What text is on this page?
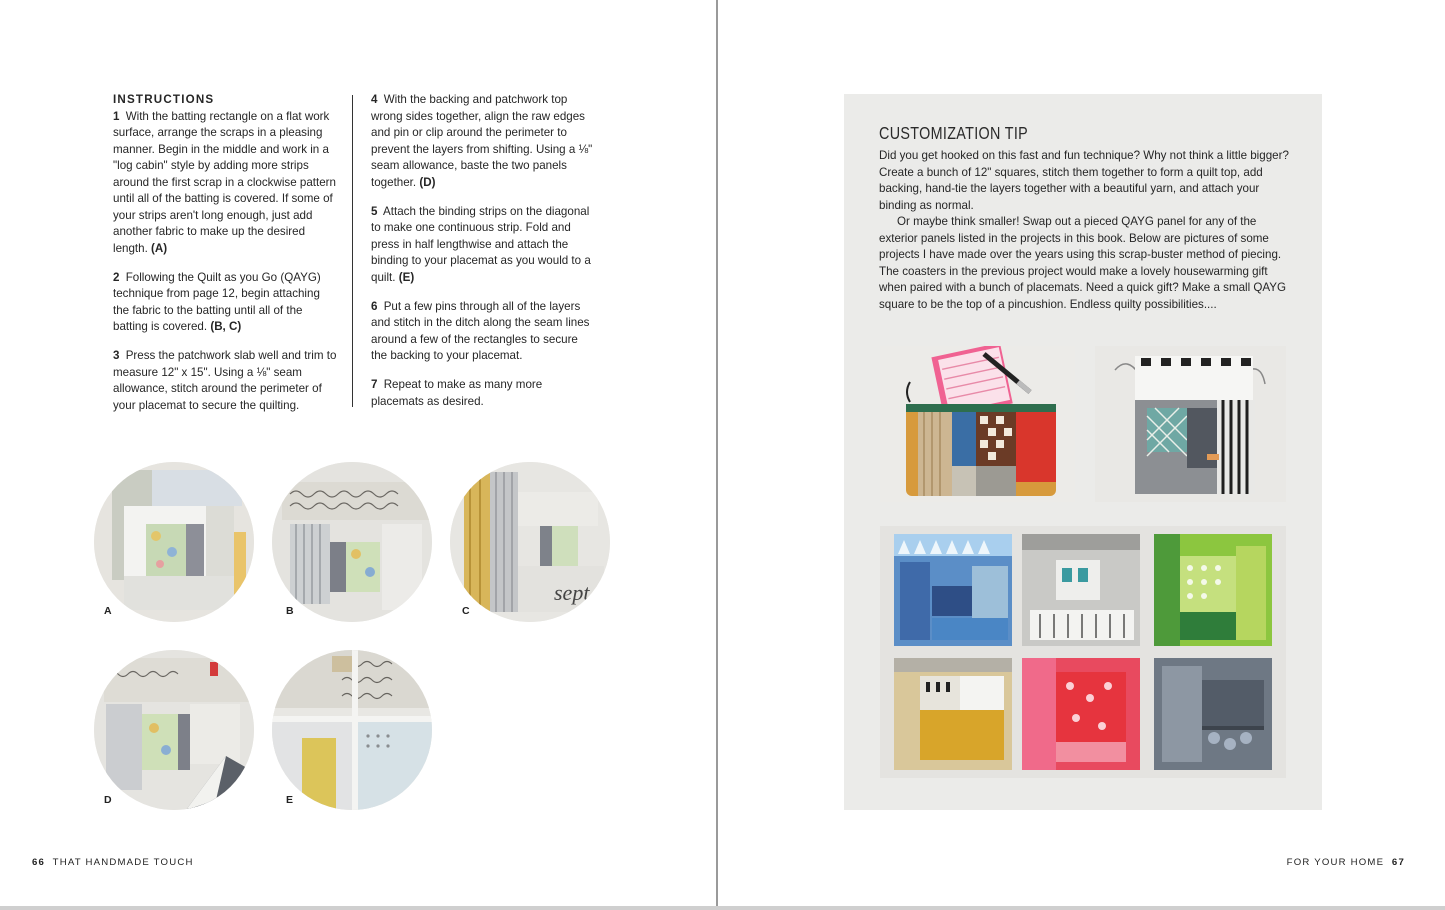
INSTRUCTIONS

1 With the batting rectangle on a flat work surface, arrange the scraps in a pleasing manner. Begin in the middle and work in a "log cabin" style by adding more strips around the first scrap in a clockwise pattern until all of the batting is covered. If some of your strips aren't long enough, just add another fabric to make up the desired length. (A)

2 Following the Quilt as you Go (QAYG) technique from page 12, begin attaching the fabric to the batting until all of the batting is covered. (B, C)

3 Press the patchwork slab well and trim to measure 12" x 15". Using a ⅛" seam allowance, stitch around the perimeter of your placemat to secure the quilting.

4 With the backing and patchwork top wrong sides together, align the raw edges and pin or clip around the perimeter to prevent the layers from shifting. Using a ⅛" seam allowance, baste the two panels together. (D)

5 Attach the binding strips on the diagonal to make one continuous strip. Fold and press in half lengthwise and attach the binding to your placemat as you would to a quilt. (E)

6 Put a few pins through all of the layers and stitch in the ditch along the seam lines around a few of the rectangles to secure the backing to your placemat.

7 Repeat to make as many more placemats as desired.

A	B
sept
C
D	E
66 THAT HANDMADE TOUCH
CUSTOMIZATION TIP

Did you get hooked on this fast and fun technique? Why not think a little bigger? Create a bunch of 12" squares, stitch them together to form a quilt top, add backing, hand-tie the layers together with a beautiful yarn, and attach your binding as normal.

Or maybe think smaller! Swap out a pieced QAYG panel for any of the exterior panels listed in the projects in this book. Below are pictures of some projects I have made over the years using this scrap-buster method of piecing. The coasters in the previous project would make a lovely housewarming gift when paired with a bunch of placemats. Need a quick gift? Make a small QAYG square to be the top of a pincushion. Endless quilty possibilities....

FOR YOUR HOME 67
